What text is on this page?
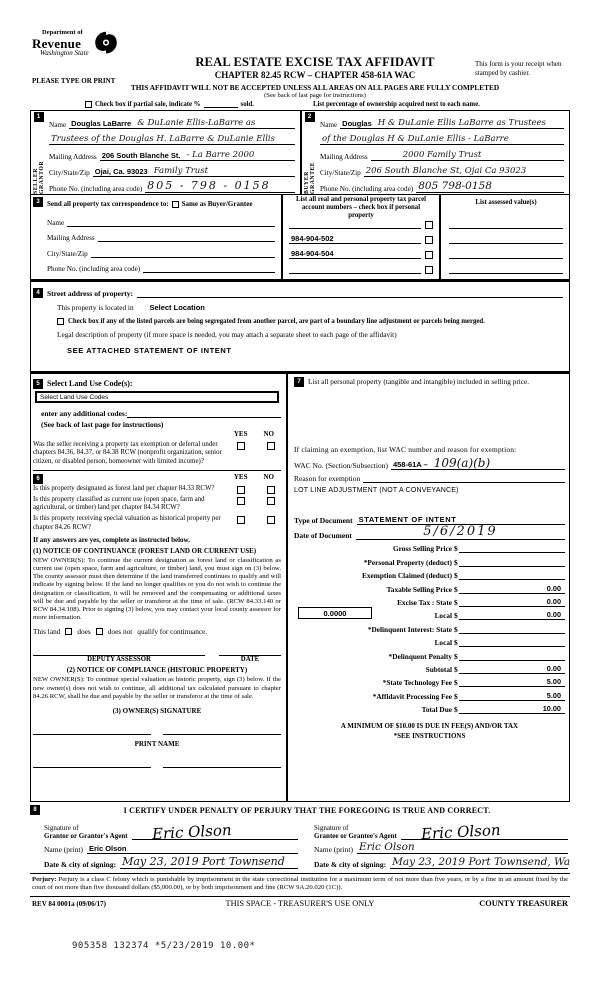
Department of
Revenue
Washington State
PLEASE TYPE OR PRINT
REAL ESTATE EXCISE TAX AFFIDAVIT
CHAPTER 82.45 RCW – CHAPTER 458-61A WAC
This form is your receipt when stamped by cashier.
THIS AFFIDAVIT WILL NOT BE ACCEPTED UNLESS ALL AREAS ON ALL PAGES ARE FULLY COMPLETED
(See back of last page for instructions)
Check box if partial sale, indicate %	sold.	List percentage of ownership acquired next to each name.
1
SELLER GRANTOR
Name Douglas LaBarre & DuLanie Ellis-LaBarre as
Trustees of the Douglas H. LaBarre & DuLanie Ellis
Mailing Address 206 South Blanche St. - La Barre 2000
City/State/Zip Ojai, Ca. 93023 Family Trust
Phone No. (including area code) 805 - 798 - 0158
2
BUYER GRANTEE
Name Douglas H & DuLanie Ellis LaBarre as Trustees
of the Douglas H & DuLanie Ellis - LaBarre
Mailing Address	2000 Family Trust
City/State/Zip 206 South Blanche St, Ojai Ca 93023
Phone No. (including area code) 805 798-0158
3	Send all property tax correspondence to: Same as Buyer/Grantee
Name
Mailing Address
City/State/Zip
Phone No. (including area code)
List all real and personal property tax parcel account numbers – check box if personal property
984-904-502
984-904-504
List assessed value(s)
4 Street address of property:
This property is located in Select Location
Check box if any of the listed parcels are being segregated from another parcel, are part of a boundary line adjustment or parcels being merged.
Legal description of property (if more space is needed, you may attach a separate sheet to each page of the affidavit)
SEE ATTACHED STATEMENT OF INTENT
5 Select Land Use Code(s):
Select Land Use Codes
enter any additional codes:
(See back of last page for instructions)
YES NO
Was the seller receiving a property tax exemption or deferral under chapters 84.36, 84.37, or 84.38 RCW (nonprofit organization, senior citizen, or disabled person, homeowner with limited income)?
6	YES NO
Is this property designated as forest land per chapter 84.33 RCW?
Is this property classified as current use (open space, farm and agricultural, or timber) land per chapter 84.34 RCW?
Is this property receiving special valuation as historical property per chapter 84.26 RCW?
If any answers are yes, complete as instructed below.
(1) NOTICE OF CONTINUANCE (FOREST LAND OR CURRENT USE)
NEW OWNER(S): To continue the current designation as forest land or classification as current use (open space, farm and agriculture, or timber) land, you must sign on (3) below. The county assessor must then determine if the land transferred continues to qualify and will indicate by signing below. If the land no longer qualifies or you do not wish to continue the designation or classification, it will be removed and the compensating or additional taxes will be due and payable by the seller or transferor at the time of sale. (RCW 84.33.140 or RCW 84.34.108). Prior to signing (3) below, you may contact your local county assessor for more information.
This land does does not qualify for continuance.
DEPUTY ASSESSOR	DATE
(2) NOTICE OF COMPLIANCE (HISTORIC PROPERTY)
NEW OWNER(S): To continue special valuation as historic property, sign (3) below. If the new owner(s) does not wish to continue, all additional tax calculated pursuant to chapter 84.26 RCW, shall be due and payable by the seller or transferor at the time of sale.
(3) OWNER(S) SIGNATURE
PRINT NAME
7	List all personal property (tangible and intangible) included in selling price.
If claiming an exemption, list WAC number and reason for exemption:
WAC No. (Section/Subsection) 458-61A – 109(a)(b)
Reason for exemption
LOT LINE ADJUSTMENT (NOT A CONVEYANCE)
Type of Document STATEMENT OF INTENT
Date of Document	5/6/2019
Gross Selling Price $
*Personal Property (deduct) $
Exemption Claimed (deduct) $
Taxable Selling Price $	0.00
Excise Tax : State $	0.00
0.0000	Local $	0.00
*Delinquent Interest: State $
Local $
*Delinquent Penalty $
Subtotal $	0.00
*State Technology Fee $	5.00
*Affidavit Processing Fee $	5.00
Total Due $	10.00
A MINIMUM OF $10.00 IS DUE IN FEE(S) AND/OR TAX
*SEE INSTRUCTIONS
8	I CERTIFY UNDER PENALTY OF PERJURY THAT THE FOREGOING IS TRUE AND CORRECT.
Signature of
Grantor or Grantor's Agent Eric Olson
Name (print) Eric Olson
Date & city of signing: May 23, 2019 Port Townsend
Signature of
Grantee or Grantee's Agent Eric Olson
Name (print) Eric Olson
Date & city of signing: May 23, 2019 Port Townsend, Wa
Perjury: Perjury is a class C felony which is punishable by imprisonment in the state correctional institution for a maximum term of not more than five years, or by a fine in an amount fixed by the court of not more than five thousand dollars ($5,000.00), or by both imprisonment and fine (RCW 9A.20.020 (1C)).
REV 84 0001a (09/06/17)	THIS SPACE - TREASURER'S USE ONLY	COUNTY TREASURER
905358 132374 *5/23/2019 10.00*
